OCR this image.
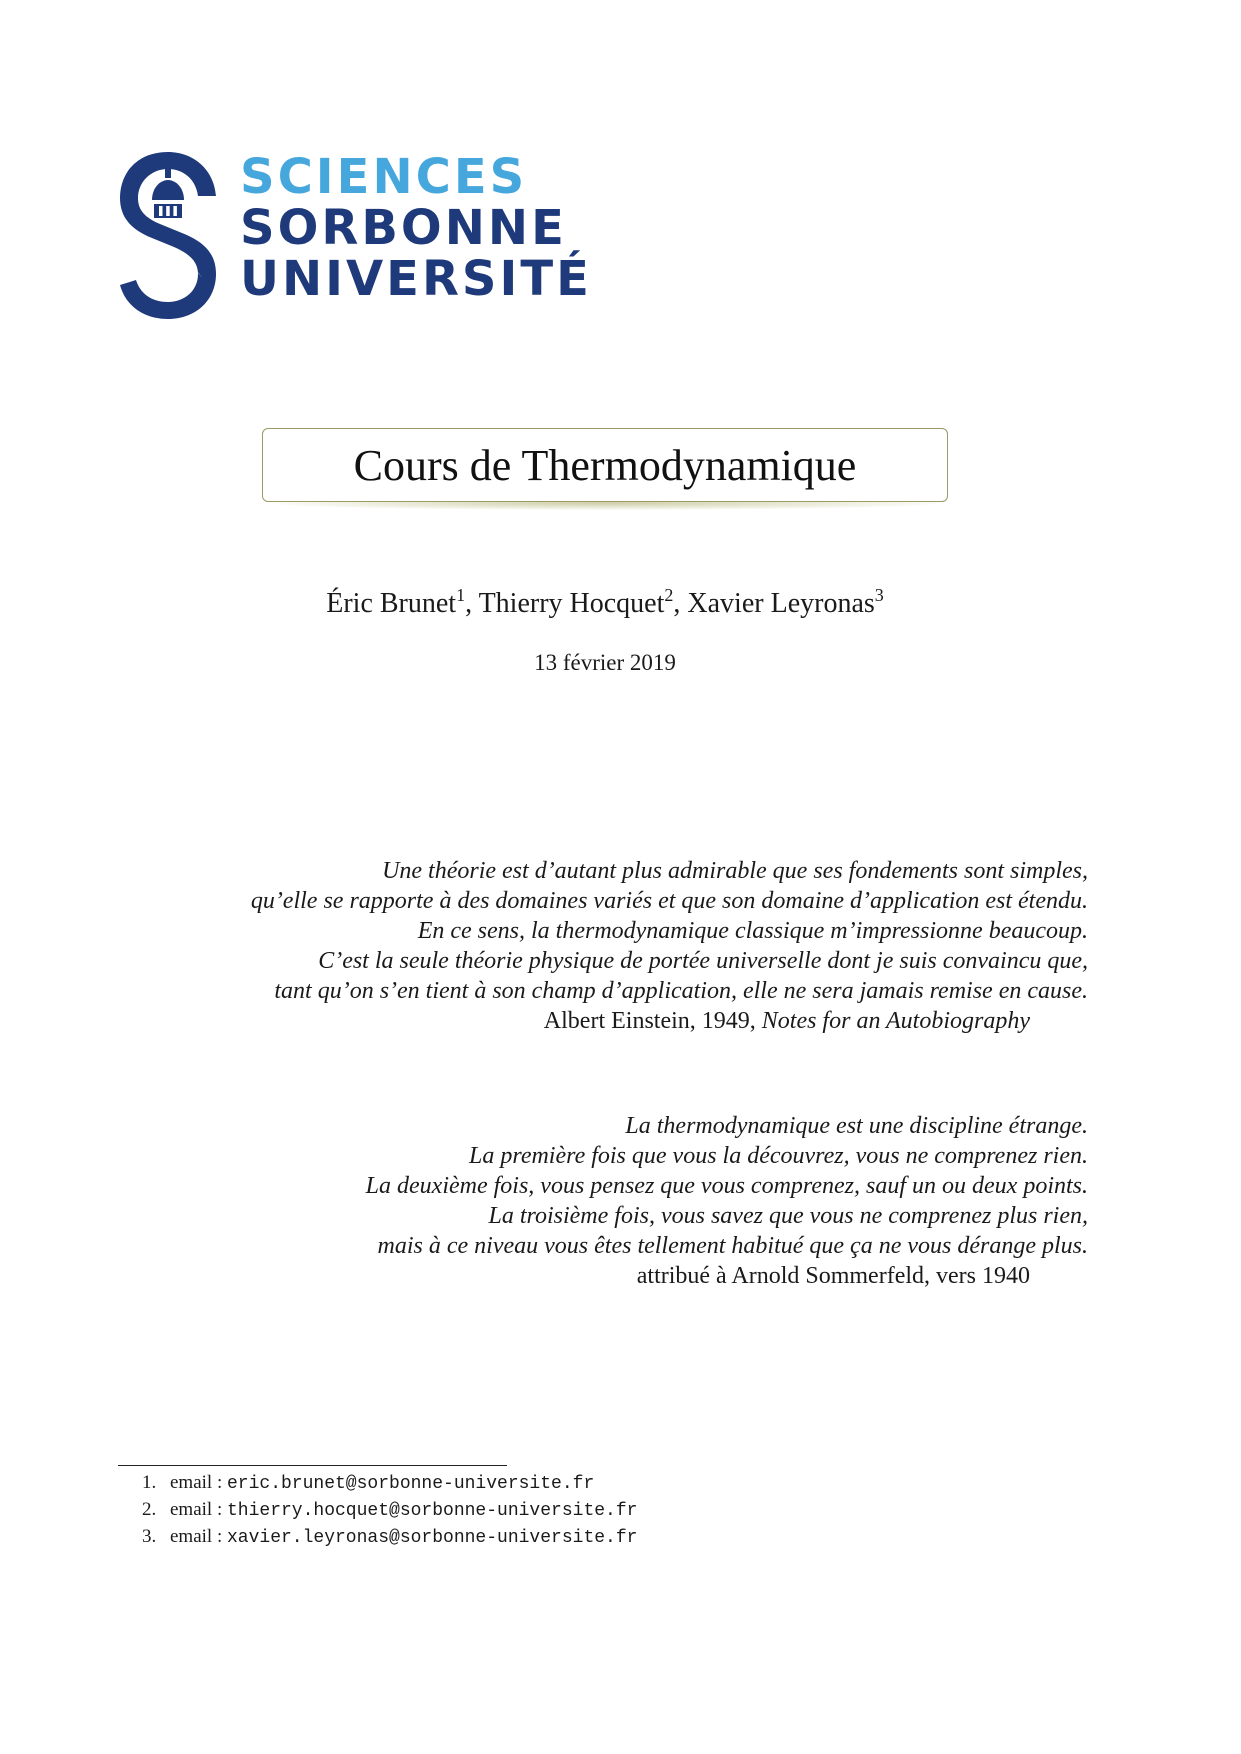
SCIENCES
SORBONNE
UNIVERSITÉ
Cours de Thermodynamique
Éric Brunet$^1$, Thierry Hocquet$^2$, Xavier Leyronas$^3$
13 février 2019
Une théorie est d’autant plus admirable que ses fondements sont simples,
qu’elle se rapporte à des domaines variés et que son domaine d’application est étendu.
En ce sens, la thermodynamique classique m’impressionne beaucoup.
C’est la seule théorie physique de portée universelle dont je suis convaincu que,
tant qu’on s’en tient à son champ d’application, elle ne sera jamais remise en cause.
Albert Einstein, 1949, Notes for an Autobiography
La thermodynamique est une discipline étrange.
La première fois que vous la découvrez, vous ne comprenez rien.
La deuxième fois, vous pensez que vous comprenez, sauf un ou deux points.
La troisième fois, vous savez que vous ne comprenez plus rien,
mais à ce niveau vous êtes tellement habitué que ça ne vous dérange plus.
attribué à Arnold Sommerfeld, vers 1940
1. email : eric.brunet@sorbonne-universite.fr
2. email : thierry.hocquet@sorbonne-universite.fr
3. email : xavier.leyronas@sorbonne-universite.fr
